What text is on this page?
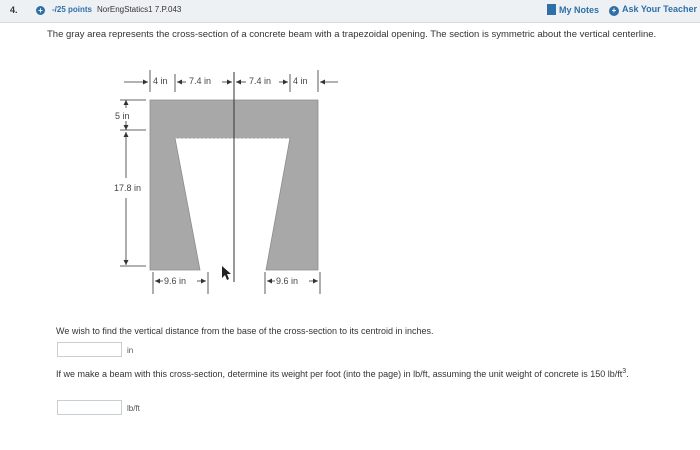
4.	+ -/25 points NorEngStatics1 7.P.043	My Notes	+ Ask Your Teacher
The gray area represents the cross-section of a concrete beam with a trapezoidal opening. The section is symmetric about the vertical centerline.
4 in 7.4 in	7.4 in 4 in
5 in
17.8 in
9.6 in	9.6 in
We wish to find the vertical distance from the base of the cross-section to its centroid in inches.
in
If we make a beam with this cross-section, determine its weight per foot (into the page) in lb/ft, assuming the unit weight of concrete is 150 $lb/ft^3$.
lb/ft
